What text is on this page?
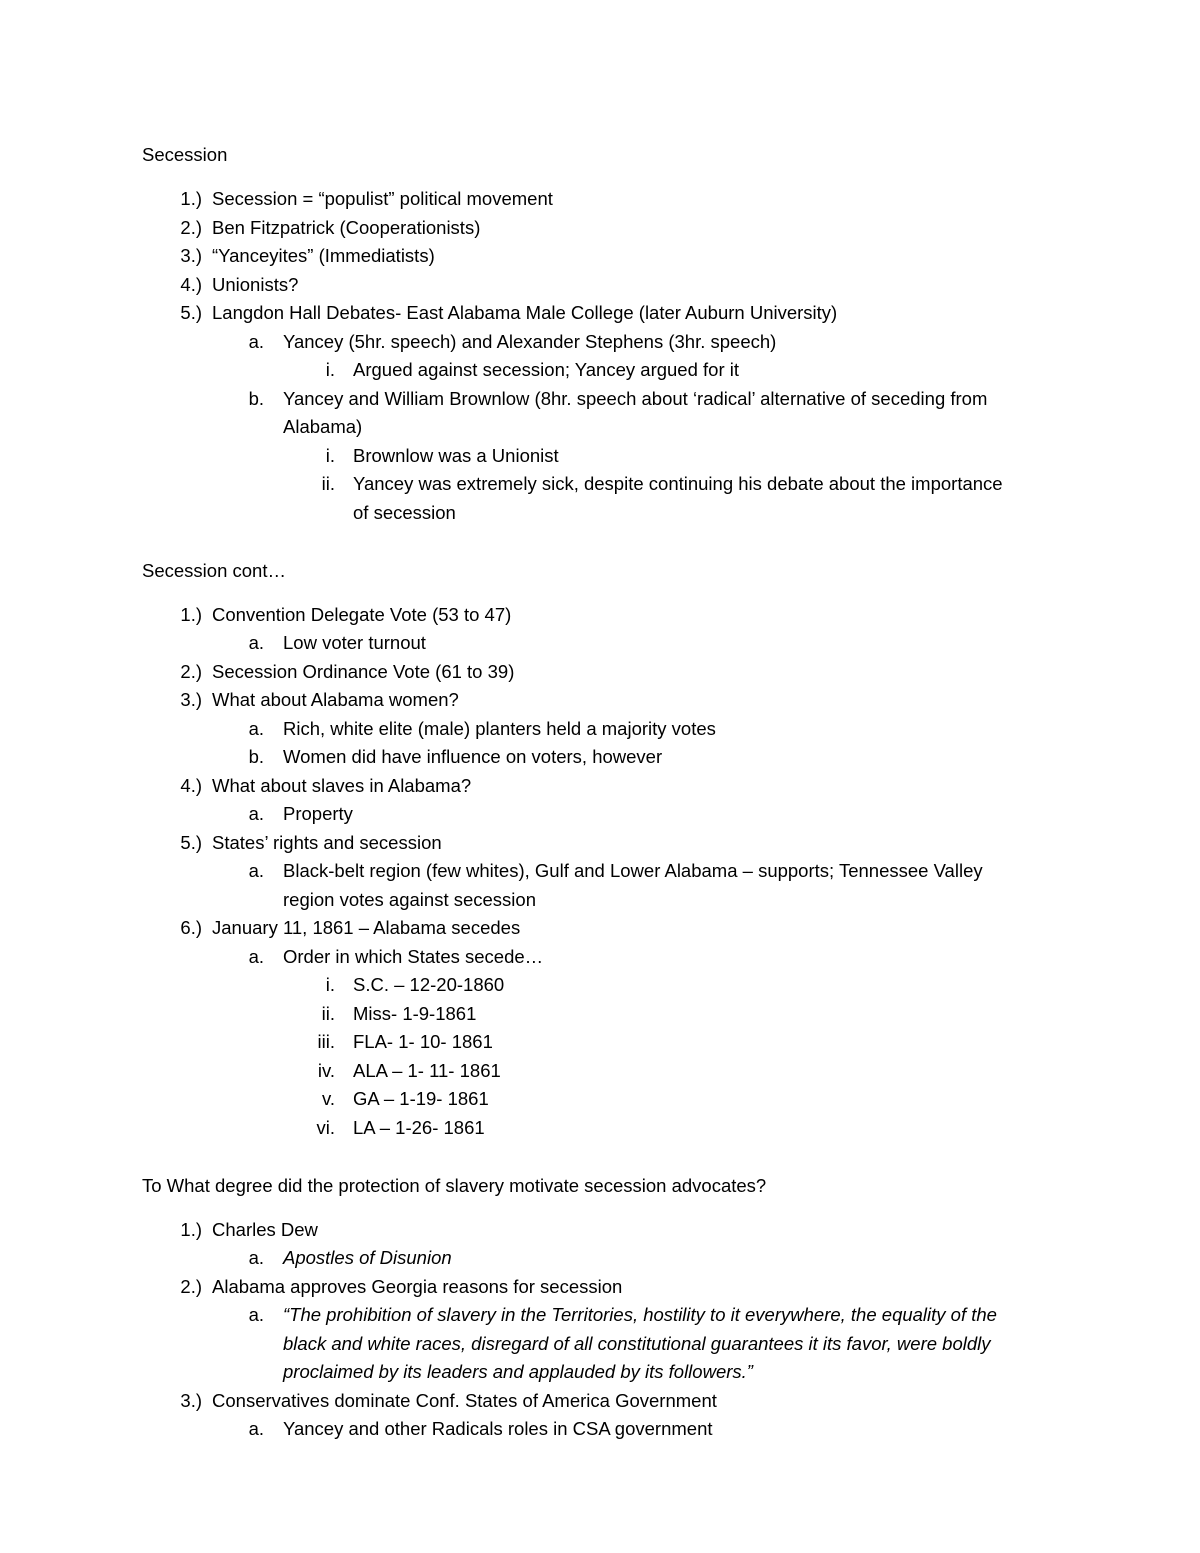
Secession
1.) Secession = “populist” political movement
2.) Ben Fitzpatrick (Cooperationists)
3.) “Yanceyites” (Immediatists)
4.) Unionists?
5.) Langdon Hall Debates- East Alabama Male College (later Auburn University)
a. Yancey (5hr. speech) and Alexander Stephens (3hr. speech)
i. Argued against secession; Yancey argued for it
b. Yancey and William Brownlow (8hr. speech about ‘radical’ alternative of seceding from
Alabama)
i. Brownlow was a Unionist
ii. Yancey was extremely sick, despite continuing his debate about the importance
of secession
Secession cont…
1.) Convention Delegate Vote (53 to 47)
a. Low voter turnout
2.) Secession Ordinance Vote (61 to 39)
3.) What about Alabama women?
a. Rich, white elite (male) planters held a majority votes
b. Women did have influence on voters, however
4.) What about slaves in Alabama?
a. Property
5.) States’ rights and secession
a. Black-belt region (few whites), Gulf and Lower Alabama – supports; Tennessee Valley
region votes against secession
6.) January 11, 1861 – Alabama secedes
a. Order in which States secede…
i. S.C. – 12-20-1860
ii. Miss- 1-9-1861
iii. FLA- 1- 10- 1861
iv. ALA – 1- 11- 1861
v. GA – 1-19- 1861
vi. LA – 1-26- 1861
To What degree did the protection of slavery motivate secession advocates?
1.) Charles Dew
a. Apostles of Disunion
2.) Alabama approves Georgia reasons for secession
a. “The prohibition of slavery in the Territories, hostility to it everywhere, the equality of the
black and white races, disregard of all constitutional guarantees it its favor, were boldly
proclaimed by its leaders and applauded by its followers.”
3.) Conservatives dominate Conf. States of America Government
a. Yancey and other Radicals roles in CSA government
